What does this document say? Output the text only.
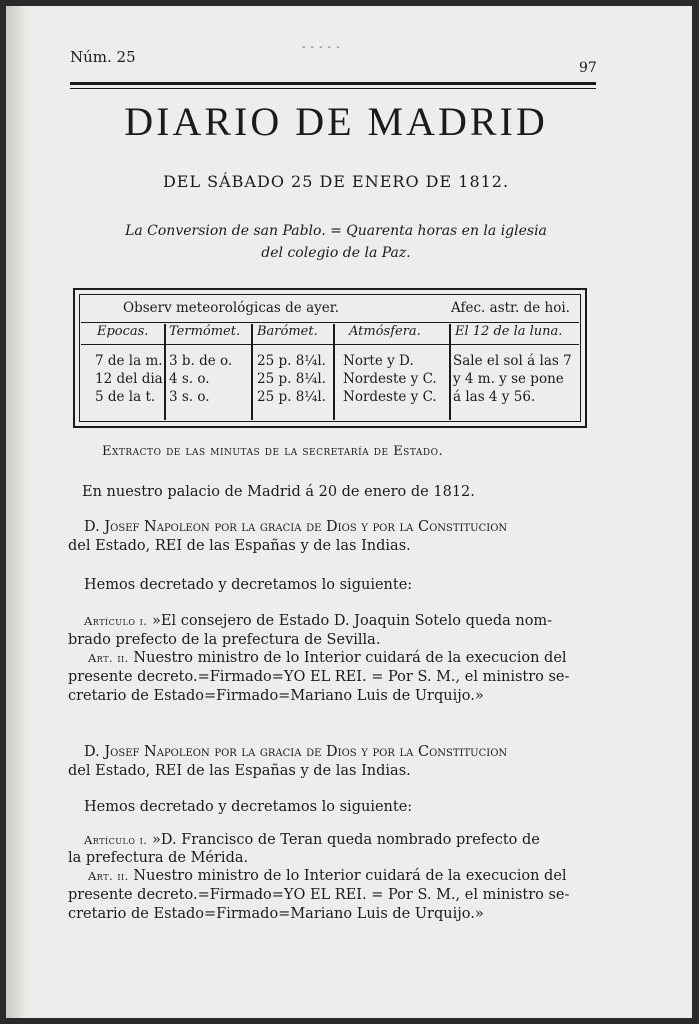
Núm. 25
- - - - -
97
DIARIO DE MADRID
DEL SÁBADO 25 DE ENERO DE 1812.
La Conversion de san Pablo. = Quarenta horas en la iglesia
del colegio de la Paz.
Observ meteorológicas de ayer.	Afec. astr. de hoi.
Epocas. Termómet. Barómet. Atmósfera.	El 12 de la luna.
7 de la m.
12 del dia.
5 de la t.
3 b. de o.
4 s. o.
3 s. o.
25 p. 8¼l.
25 p. 8¼l.
25 p. 8¼l.
Norte y D.
Nordeste y C.
Nordeste y C.
Sale el sol á las 7
y 4 m. y se pone
á las 4 y 56.
Extracto de las minutas de la secretaría de Estado.
En nuestro palacio de Madrid á 20 de enero de 1812.
D. Josef Napoleon por la gracia de Dios y por la Constitucion
del Estado, REI de las Españas y de las Indias.
Hemos decretado y decretamos lo siguiente:
Artículo i. »El consejero de Estado D. Joaquin Sotelo queda nom-
brado prefecto de la prefectura de Sevilla.
Art. ii. Nuestro ministro de lo Interior cuidará de la execucion del
presente decreto.=Firmado=YO EL REI. = Por S. M., el ministro se-
cretario de Estado=Firmado=Mariano Luis de Urquijo.»
D. Josef Napoleon por la gracia de Dios y por la Constitucion
del Estado, REI de las Españas y de las Indias.
Hemos decretado y decretamos lo siguiente:
Artículo i. »D. Francisco de Teran queda nombrado prefecto de
la prefectura de Mérida.
Art. ii. Nuestro ministro de lo Interior cuidará de la execucion del
presente decreto.=Firmado=YO EL REI. = Por S. M., el ministro se-
cretario de Estado=Firmado=Mariano Luis de Urquijo.»
